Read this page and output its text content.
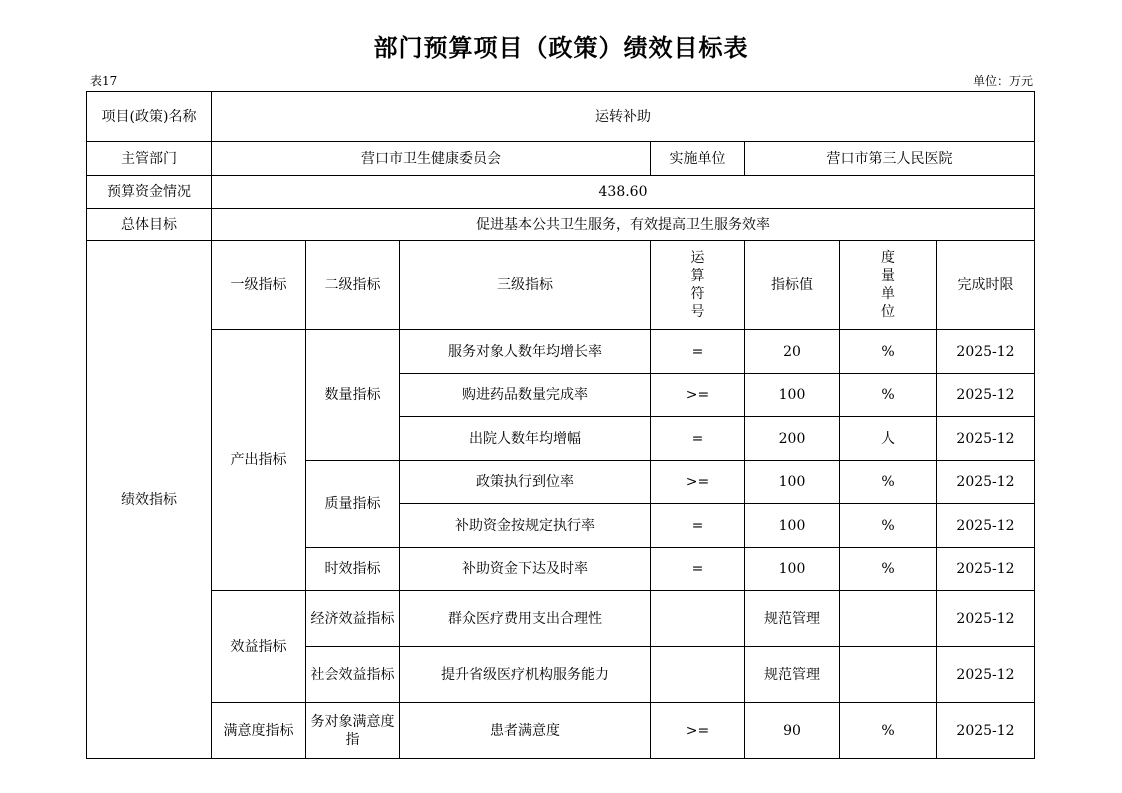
部门预算项目（政策）绩效目标表
表17	单位：万元
项目(政策)名称	运转补助						
主管部门	营口市卫生健康委员会			实施单位	营口市第三人民医院		
预算资金情况	438.60						
总体目标	促进基本公共卫生服务，有效提高卫生服务效率						
绩效指标	一级指标	二级指标	三级指标	运算符号	指标值	度量单位	完成时限
	产出指标	数量指标	服务对象人数年均增长率	=	20	%	2025-12
			购进药品数量完成率	>=	100	%	2025-12
			出院人数年均增幅	=	200	人	2025-12
		质量指标	政策执行到位率	>=	100	%	2025-12
			补助资金按规定执行率	=	100	%	2025-12
		时效指标	补助资金下达及时率	=	100	%	2025-12
	效益指标	经济效益指标	群众医疗费用支出合理性		规范管理		2025-12
		社会效益指标	提升省级医疗机构服务能力		规范管理		2025-12
	满意度指标	务对象满意度指	患者满意度	>=	90	%	2025-12
